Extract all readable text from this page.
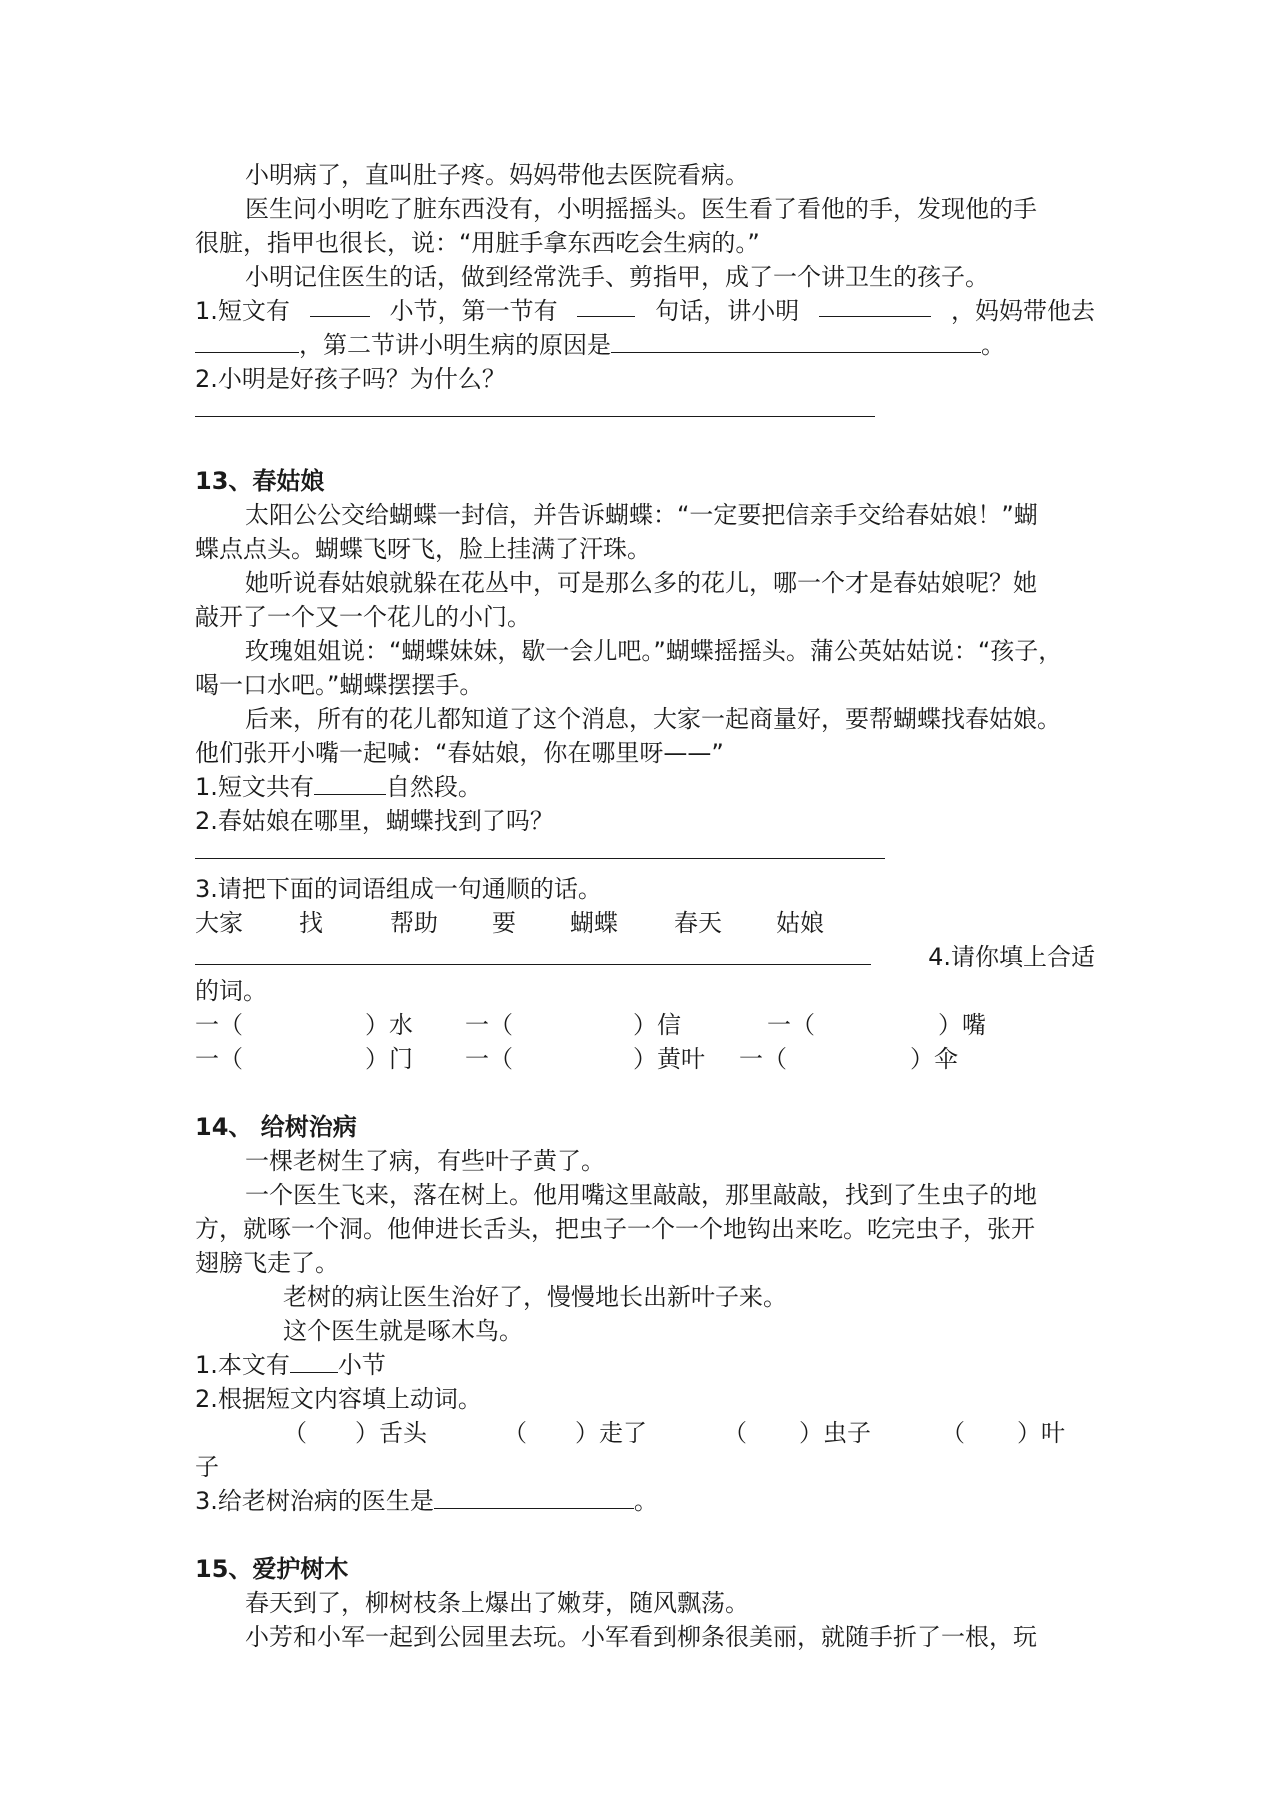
小明病了，直叫肚子疼。妈妈带他去医院看病。
医生问小明吃了脏东西没有，小明摇摇头。医生看了看他的手，发现他的手
很脏，指甲也很长，说：“用脏手拿东西吃会生病的。”
小明记住医生的话，做到经常洗手、剪指甲，成了一个讲卫生的孩子。
1.短文有	小节，第一节有	句话，讲小明	，妈妈带他去
，第二节讲小明生病的原因是	。
2.小明是好孩子吗？为什么？
13、春姑娘
太阳公公交给蝴蝶一封信，并告诉蝴蝶：“一定要把信亲手交给春姑娘！”蝴
蝶点点头。蝴蝶飞呀飞，脸上挂满了汗珠。
她听说春姑娘就躲在花丛中，可是那么多的花儿，哪一个才是春姑娘呢？她
敲开了一个又一个花儿的小门。
玫瑰姐姐说：“蝴蝶妹妹，歇一会儿吧。”蝴蝶摇摇头。蒲公英姑姑说：“孩子，
喝一口水吧。”蝴蝶摆摆手。
后来，所有的花儿都知道了这个消息，大家一起商量好，要帮蝴蝶找春姑娘。
他们张开小嘴一起喊：“春姑娘，你在哪里呀——”
1.短文共有	自然段。
2.春姑娘在哪里，蝴蝶找到了吗？
3.请把下面的词语组成一句通顺的话。
大家	找	帮助	要	蝴蝶	春天	姑娘
4.请你填上合适
的词。
一（	）水	一（	）信	一（	）嘴
一（	）门	一（	）黄叶	一（	）伞
14、 给树治病
一棵老树生了病，有些叶子黄了。
一个医生飞来，落在树上。他用嘴这里敲敲，那里敲敲，找到了生虫子的地
方，就啄一个洞。他伸进长舌头，把虫子一个一个地钩出来吃。吃完虫子，张开
翅膀飞走了。
老树的病让医生治好了，慢慢地长出新叶子来。
这个医生就是啄木鸟。
1.本文有 小节
2.根据短文内容填上动词。
（	）舌头	（	）走了	（	）虫子	（	）叶
子
3.给老树治病的医生是	。
15、爱护树木
春天到了，柳树枝条上爆出了嫩芽，随风飘荡。
小芳和小军一起到公园里去玩。小军看到柳条很美丽，就随手折了一根，玩
